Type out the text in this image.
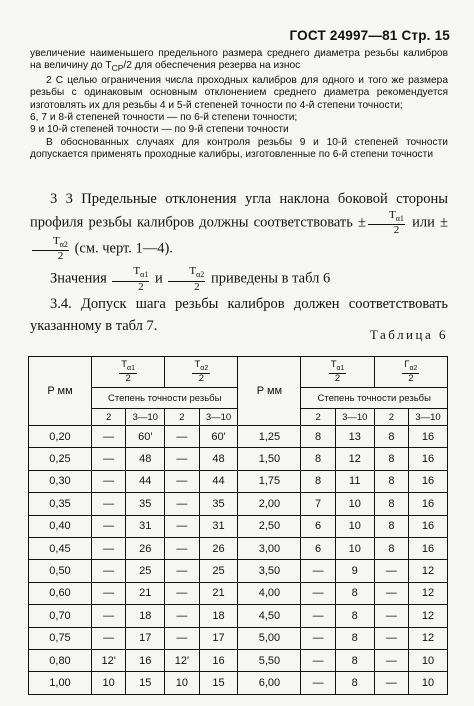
ГОСТ 24997—81 Стр. 15

увеличение наименьшего предельного размера среднего диаметра резьбы калибров на величину до $T_{СР}/2$ для обеспечения резерва на износ

2 С целью ограничения числа проходных калибров для одного и того же размера резьбы с одинаковым основным отклонением среднего диаметра рекомендуется изготовлять их для резьбы 4 и 5-й степеней точности по 4-й степени точности;

6, 7 и 8-й степеней точности — по 6-й степени точности;

9 и 10-й степеней точности — по 9-й степени точности

В обоснованных случаях для контроля резьбы 9 и 10-й степеней точности допускается применять проходные калибры, изготовленные по 6-й степени точности

3 3 Предельные отклонения угла наклона боковой стороны профиля резьбы калибров должны соответствовать ± $\frac{T_{\alpha 1}}{2}$ или ±
$\frac{T_{\alpha 2}}{2} (см$. черт. 1—4).

Значения $\frac{T_{\alpha 1}}{2}$ и $\frac{T_{\alpha 2}}{2}$ приведены в табл 6

3.4. Допуск шага резьбы калибров должен соответствовать указанному в табл 7.

Таблица 6
P мм	$\frac{T_{\alpha 1}}{2}$		$\frac{T_{\alpha 2}}{2}$		P мм	$\frac{T_{\alpha 1}}{2}$		$\frac{Г_{\alpha 2}}{2}$

	Степень точности резьбы					Степень точности резьбы			
	2	3—10	2	3—10		2	3—10	2	3—10
0,20	—	60'	—	60'	1,25	8	13	8	16
0,25	—	48	—	48	1,50	8	12	8	16
0,30	—	44	—	44	1,75	8	11	8	16
0,35	—	35	—	35	2,00	7	10	8	16
0,40	—	31	—	31	2,50	6	10	8	16
0,45	—	26	—	26	3,00	6	10	8	16
0,50	—	25	—	25	3,50	—	9	—	12
0,60	—	21	—	21	4,00	—	8	—	12
0,70	—	18	—	18	4,50	—	8	—	12
0,75	—	17	—	17	5,00	—	8	—	12
0,80	12'	16	12'	16	5,50	—	8	—	10
1,00	10	15	10	15	6,00	—	8	—	10
